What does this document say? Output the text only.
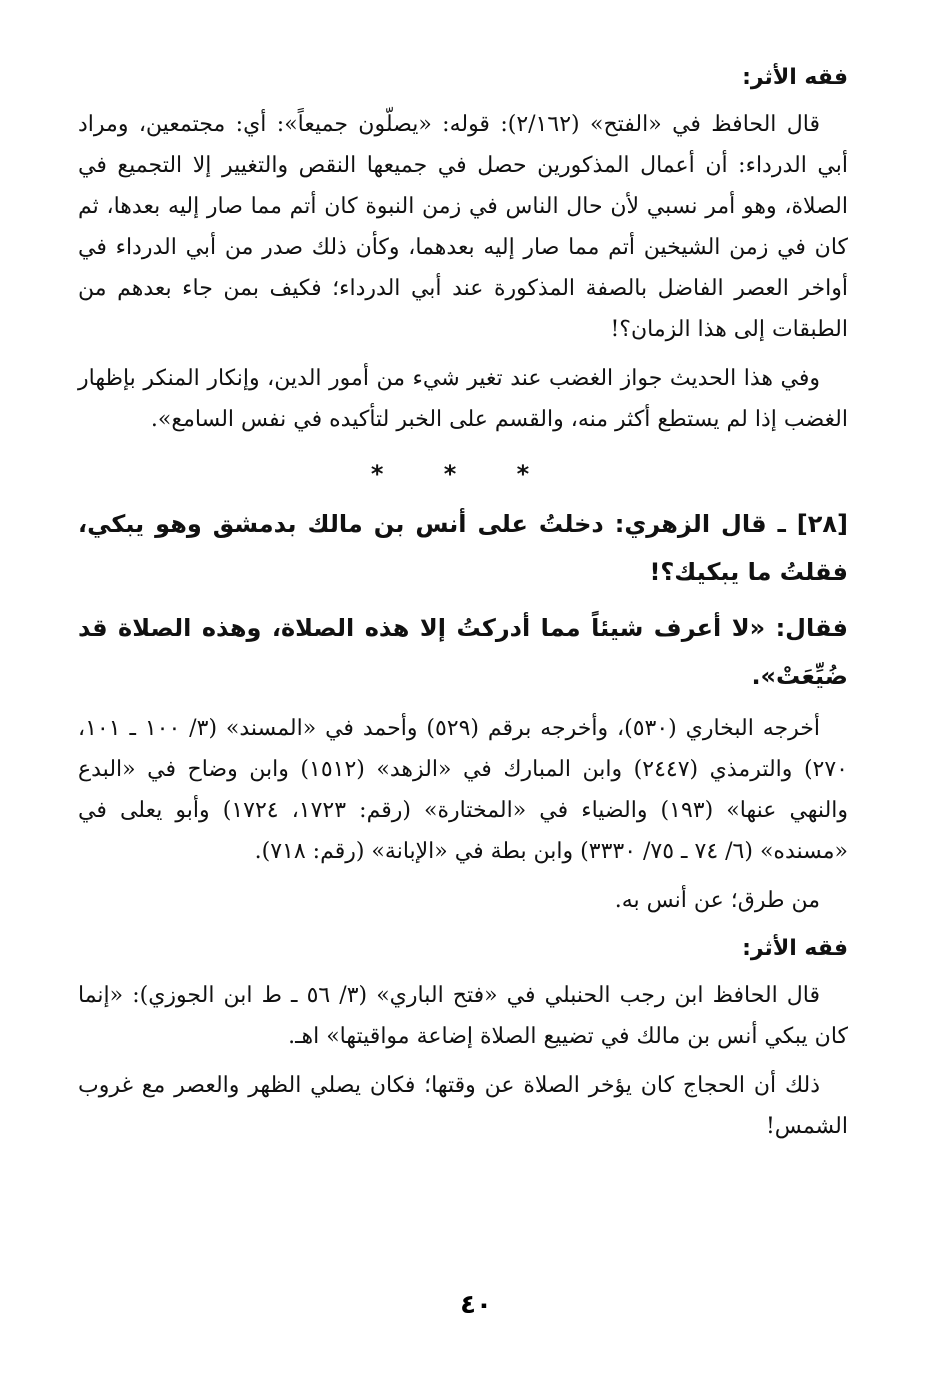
فقه الأثر:

قال الحافظ في «الفتح» (٢/١٦٢): قوله: «يصلّون جميعاً»: أي: مجتمعين، ومراد أبي الدرداء: أن أعمال المذكورين حصل في جميعها النقص والتغيير إلا التجميع في الصلاة، وهو أمر نسبي لأن حال الناس في زمن النبوة كان أتم مما صار إليه بعدها، ثم كان في زمن الشيخين أتم مما صار إليه بعدهما، وكأن ذلك صدر من أبي الدرداء في أواخر العصر الفاضل بالصفة المذكورة عند أبي الدرداء؛ فكيف بمن جاء بعدهم من الطبقات إلى هذا الزمان؟!

وفي هذا الحديث جواز الغضب عند تغير شيء من أمور الدين، وإنكار المنكر بإظهار الغضب إذا لم يستطع أكثر منه، والقسم على الخبر لتأكيده في نفس السامع».

* * *

[٢٨] ـ قال الزهري: دخلتُ على أنس بن مالك بدمشق وهو يبكي، فقلتُ ما يبكيك؟!

فقال: «لا أعرف شيئاً مما أدركتُ إلا هذه الصلاة، وهذه الصلاة قد ضُيِّعَتْ».

أخرجه البخاري (٥٣٠)، وأخرجه برقم (٥٢٩) وأحمد في «المسند» (٣/ ١٠٠ ـ ١٠١، ٢٧٠) والترمذي (٢٤٤٧) وابن المبارك في «الزهد» (١٥١٢) وابن وضاح في «البدع والنهي عنها» (١٩٣) والضياء في «المختارة» (رقم: ١٧٢٣، ١٧٢٤) وأبو يعلى في «مسنده» (٦/ ٧٤ ـ ٧٥/ ٣٣٣٠) وابن بطة في «الإبانة» (رقم: ٧١٨).

من طرق؛ عن أنس به.

فقه الأثر:

قال الحافظ ابن رجب الحنبلي في «فتح الباري» (٣/ ٥٦ ـ ط ابن الجوزي): «إنما كان يبكي أنس بن مالك في تضييع الصلاة إضاعة مواقيتها» اهـ.

ذلك أن الحجاج كان يؤخر الصلاة عن وقتها؛ فكان يصلي الظهر والعصر مع غروب الشمس!

٤٠
